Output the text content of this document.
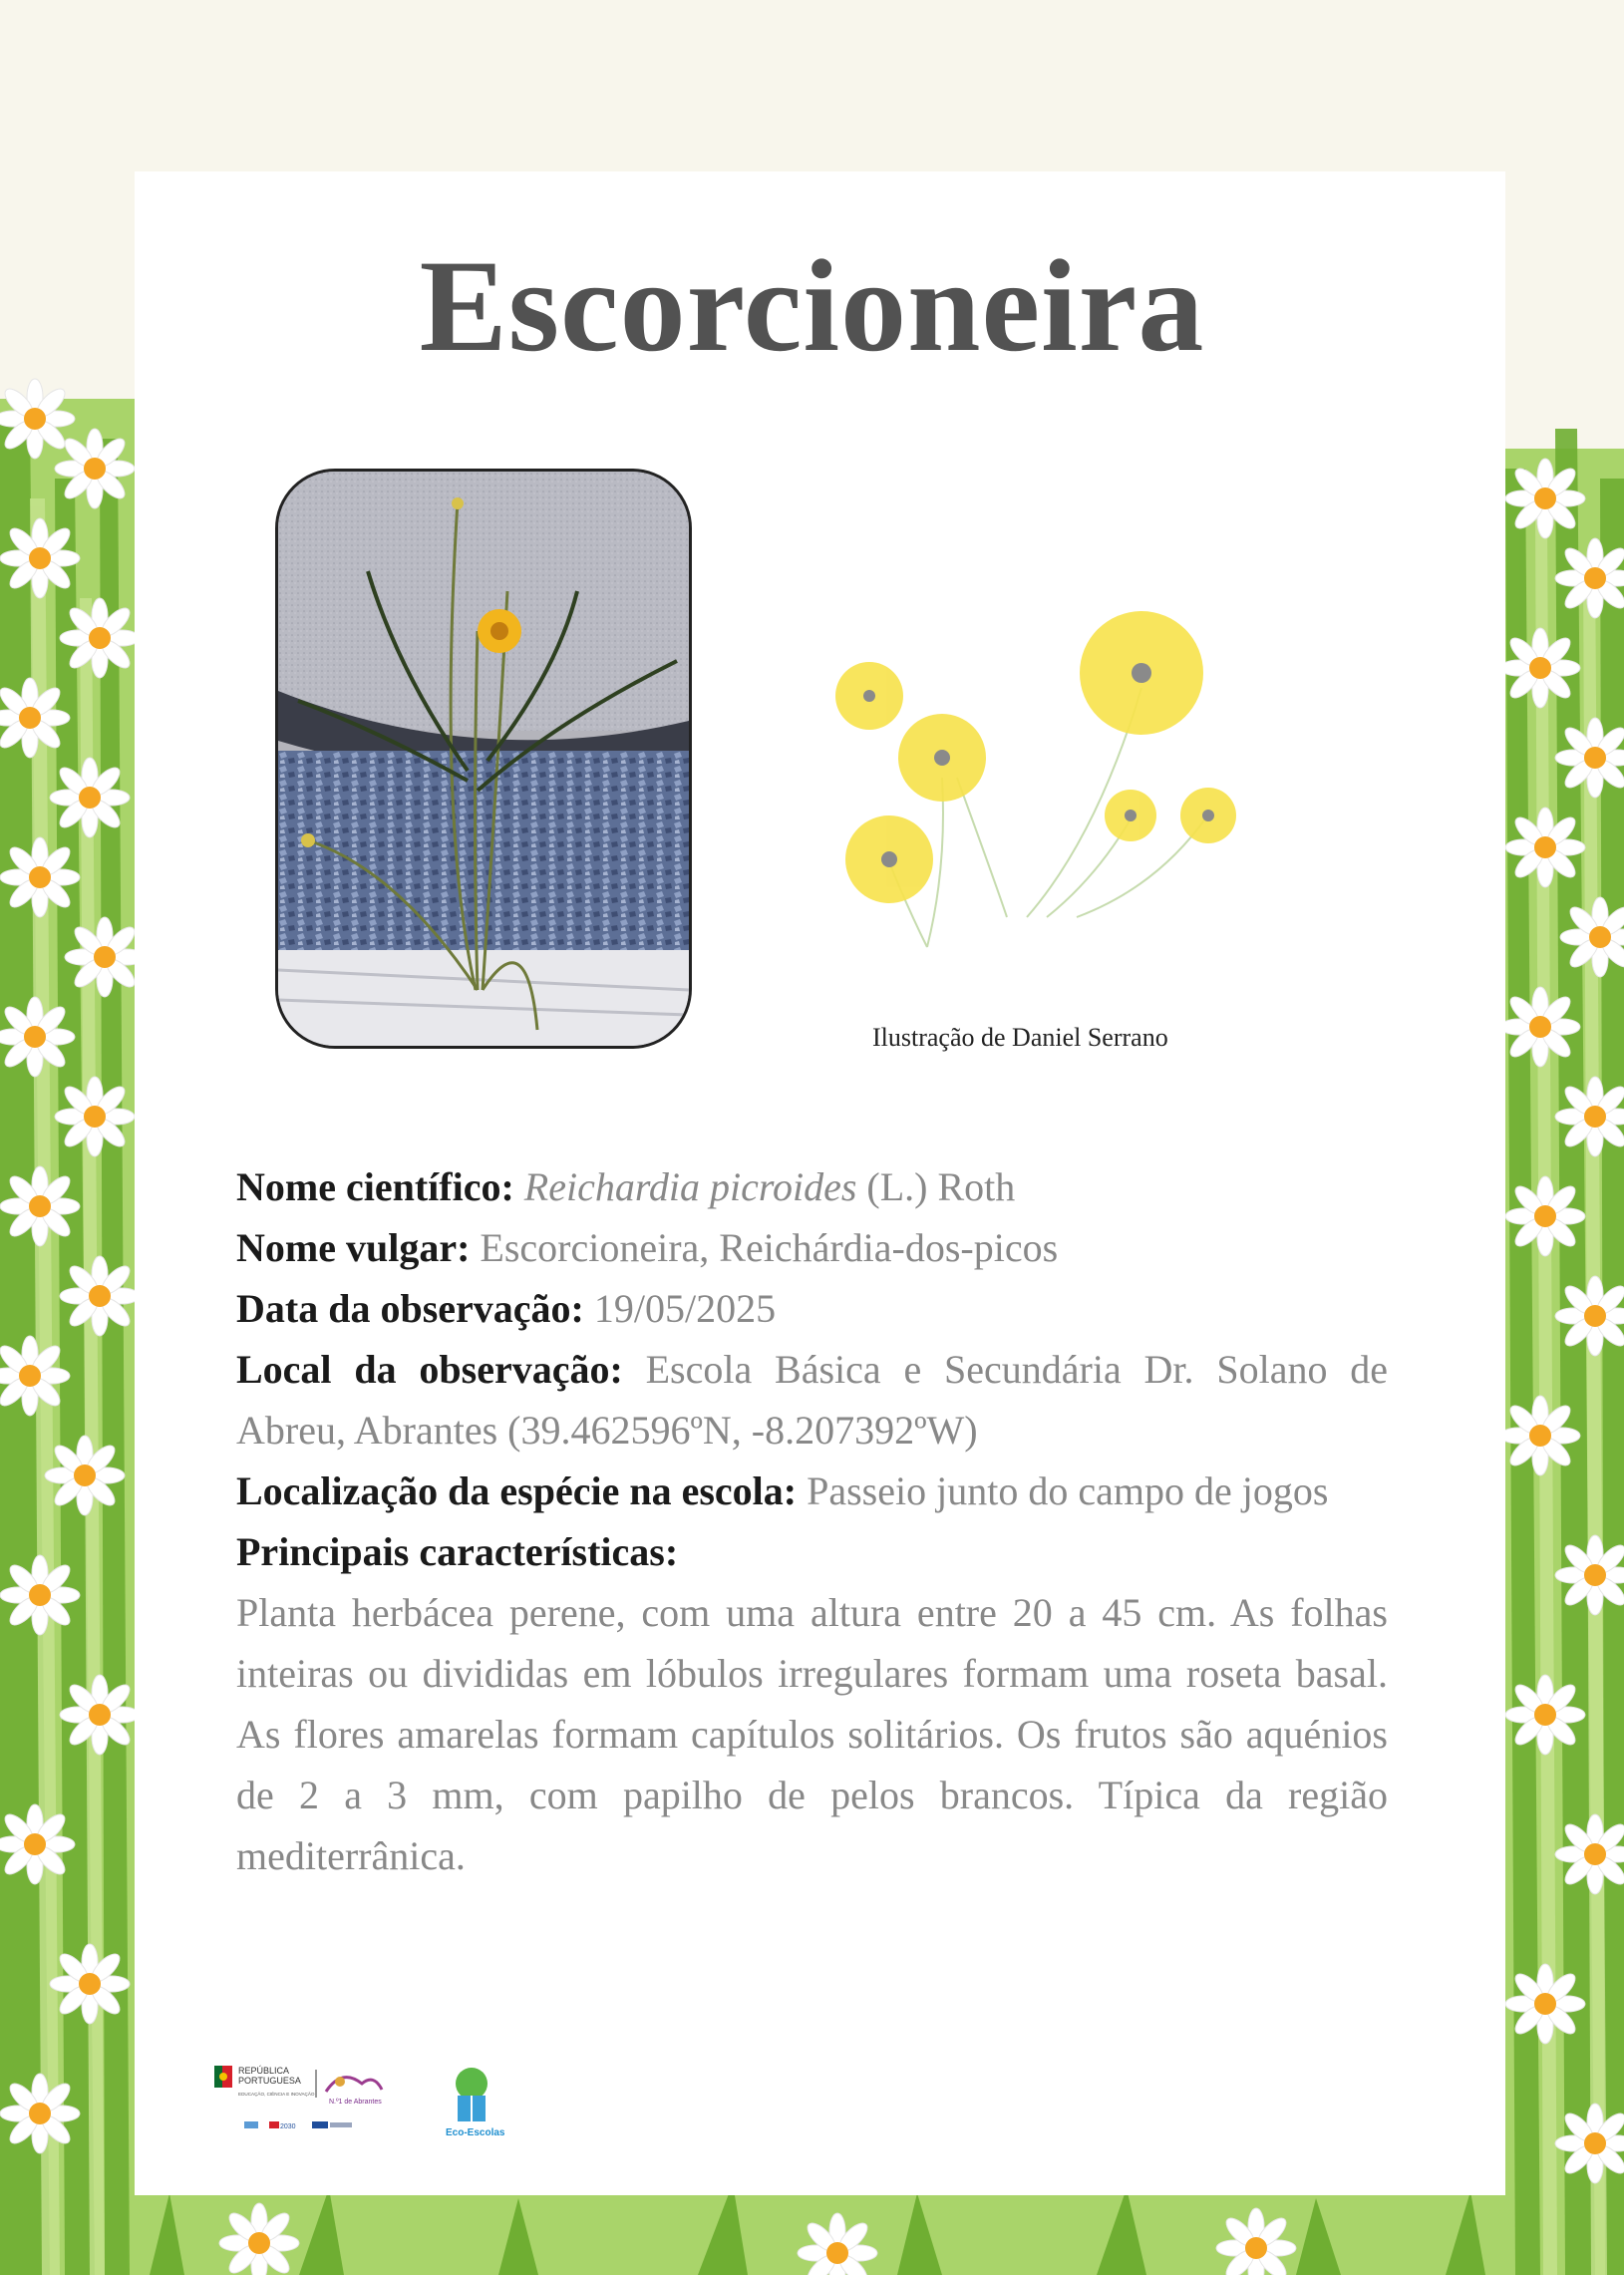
Escorcioneira
Ilustração de Daniel Serrano

Nome científico: Reichardia picroides (L.) Roth

Nome vulgar: Escorcioneira, Reichárdia-dos-picos

Data da observação: 19/05/2025

Local da observação: Escola Básica e Secundária Dr. Solano de Abreu, Abrantes (39.462596ºN, -8.207392ºW)

Localização da espécie na escola: Passeio junto do campo de jogos

Principais características:

Planta herbácea perene, com uma altura entre 20 a 45 cm. As folhas inteiras ou divididas em lóbulos irregulares formam uma roseta basal. As flores amarelas formam capítulos solitários. Os frutos são aquénios de 2 a 3 mm, com papilho de pelos brancos. Típica da região mediterrânica.

REPÚBLICA
PORTUGUESA
EDUCAÇÃO, CIÊNCIA E INOVAÇÃO
N.º1 de Abrantes
2030
Eco-Escolas
